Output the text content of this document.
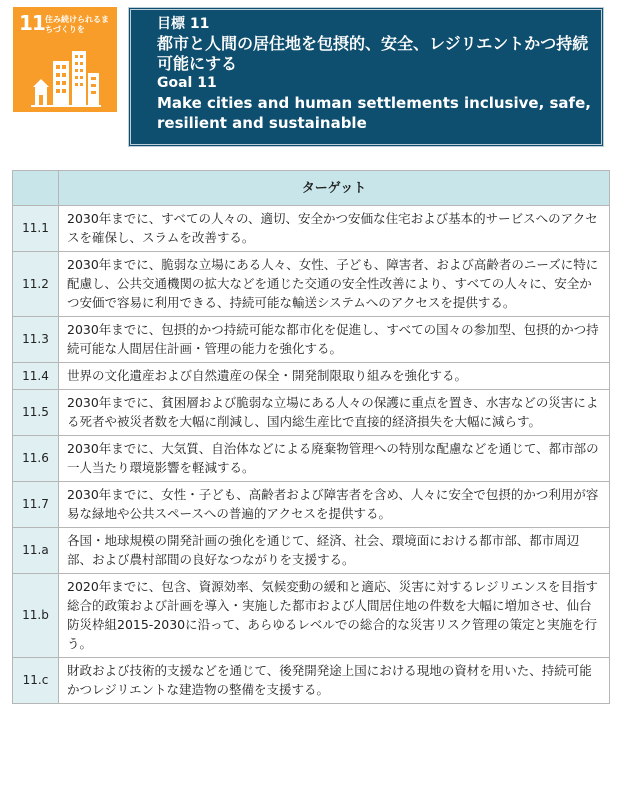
11 住み続けられるまちづくりを	目標 11
都市と人間の居住地を包摂的、安全、レジリエントかつ持続可能にする
Goal 11
Make cities and human settlements inclusive, safe, resilient and sustainable
	ターゲット
11.1	2030年までに、すべての人々の、適切、安全かつ安価な住宅および基本的サービスへのアクセスを確保し、スラムを改善する。
11.2	2030年までに、脆弱な立場にある人々、女性、子ども、障害者、および高齢者のニーズに特に配慮し、公共交通機関の拡大などを通じた交通の安全性改善により、すべての人々に、安全かつ安価で容易に利用できる、持続可能な輸送システムへのアクセスを提供する。
11.3	2030年までに、包摂的かつ持続可能な都市化を促進し、すべての国々の参加型、包摂的かつ持続可能な人間居住計画・管理の能力を強化する。
11.4	世界の文化遺産および自然遺産の保全・開発制限取り組みを強化する。
11.5	2030年までに、貧困層および脆弱な立場にある人々の保護に重点を置き、水害などの災害による死者や被災者数を大幅に削減し、国内総生産比で直接的経済損失を大幅に減らす。
11.6	2030年までに、大気質、自治体などによる廃棄物管理への特別な配慮などを通じて、都市部の一人当たり環境影響を軽減する。
11.7	2030年までに、女性・子ども、高齢者および障害者を含め、人々に安全で包摂的かつ利用が容易な緑地や公共スペースへの普遍的アクセスを提供する。
11.a	各国・地球規模の開発計画の強化を通じて、経済、社会、環境面における都市部、都市周辺部、および農村部間の良好なつながりを支援する。
11.b	2020年までに、包含、資源効率、気候変動の緩和と適応、災害に対するレジリエンスを目指す総合的政策および計画を導入・実施した都市および人間居住地の件数を大幅に増加させ、仙台防災枠組2015-2030に沿って、あらゆるレベルでの総合的な災害リスク管理の策定と実施を行う。
11.c	財政および技術的支援などを通じて、後発開発途上国における現地の資材を用いた、持続可能かつレジリエントな建造物の整備を支援する。
